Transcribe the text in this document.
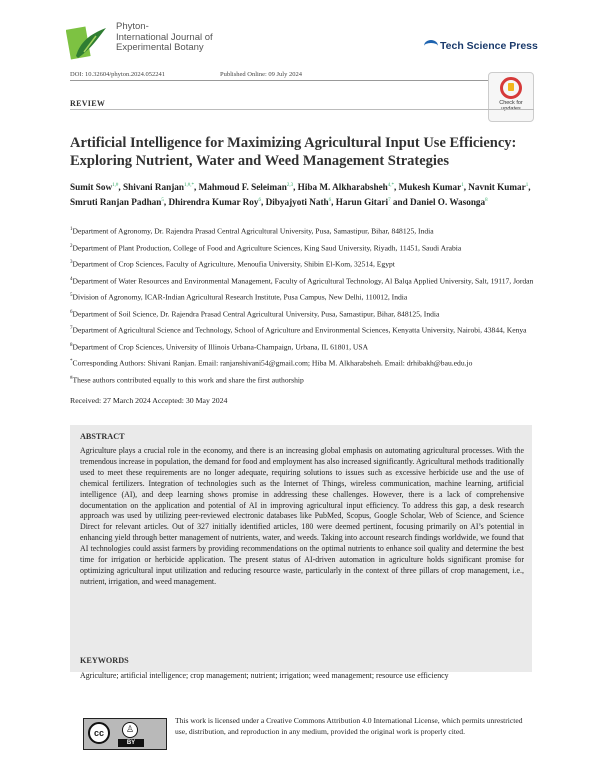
Phyton-
International Journal of
Experimental Botany	Tech Science Press
DOI: 10.32604/phyton.2024.052241	Published Online: 09 July 2024
Check for updates
REVIEW
Artificial Intelligence for Maximizing Agricultural Input Use Efficiency: Exploring Nutrient, Water and Weed Management Strategies
Sumit Sow$^{1,\#}$, Shivani Ranjan$^{1,\#,*}$, Mahmoud F. Seleiman$^{2,3}$, Hiba M. Alkharabsheh$^{4,*}$, Mukesh Kumar$^1$, Navnit Kumar$^1$, Smruti Ranjan Padhan$^5$, Dhirendra Kumar Roy$^6$, Dibyajyoti Nath$^6$, Harun Gitari$^7$ and Daniel O. Wasonga$^8$

$^1$Department of Agronomy, Dr. Rajendra Prasad Central Agricultural University, Pusa, Samastipur, Bihar, 848125, India

$^2$Department of Plant Production, College of Food and Agriculture Sciences, King Saud University, Riyadh, 11451, Saudi Arabia

$^3$Department of Crop Sciences, Faculty of Agriculture, Menoufia University, Shibin El-Kom, 32514, Egypt

$^4$Department of Water Resources and Environmental Management, Faculty of Agricultural Technology, Al Balqa Applied University, Salt, 19117, Jordan

$^5$Division of Agronomy, ICAR-Indian Agricultural Research Institute, Pusa Campus, New Delhi, 110012, India

$^6$Department of Soil Science, Dr. Rajendra Prasad Central Agricultural University, Pusa, Samastipur, Bihar, 848125, India

$^7$Department of Agricultural Science and Technology, School of Agriculture and Environmental Sciences, Kenyatta University, Nairobi, 43844, Kenya

$^8$Department of Crop Sciences, University of Illinois Urbana-Champaign, Urbana, IL 61801, USA

*Corresponding Authors: Shivani Ranjan. Email: ranjanshivani54@gmail.com; Hiba M. Alkharabsheh. Email: drhibakh@bau.edu.jo

#These authors contributed equally to this work and share the first authorship

Received: 27 March 2024 Accepted: 30 May 2024
ABSTRACT
Agriculture plays a crucial role in the economy, and there is an increasing global emphasis on automating agricultural processes. With the tremendous increase in population, the demand for food and employment has also increased significantly. Agricultural methods traditionally used to meet these requirements are no longer adequate, requiring solutions to issues such as excessive herbicide use and the use of chemical fertilizers. Integration of technologies such as the Internet of Things, wireless communication, machine learning, artificial intelligence (AI), and deep learning shows promise in addressing these challenges. However, there is a lack of comprehensive documentation on the application and potential of AI in improving agricultural input efficiency. To address this gap, a desk research approach was used by utilizing peer-reviewed electronic databases like PubMed, Scopus, Google Scholar, Web of Science, and Science Direct for relevant articles. Out of 327 initially identified articles, 180 were deemed pertinent, focusing primarily on AI’s potential in enhancing yield through better management of nutrients, water, and weeds. Taking into account research findings worldwide, we found that AI technologies could assist farmers by providing recommendations on the optimal nutrients to enhance soil quality and determine the best time for irrigation or herbicide application. The present status of AI-driven automation in agriculture holds significant promise for optimizing agricultural input utilization and reducing resource waste, particularly in the context of three pillars of crop management, i.e., nutrient, irrigation, and weed management.
KEYWORDS
Agriculture; artificial intelligence; crop management; nutrient; irrigation; weed management; resource use efficiency
cc	♙
BY
This work is licensed under a Creative Commons Attribution 4.0 International License, which permits unrestricted use, distribution, and reproduction in any medium, provided the original work is properly cited.
